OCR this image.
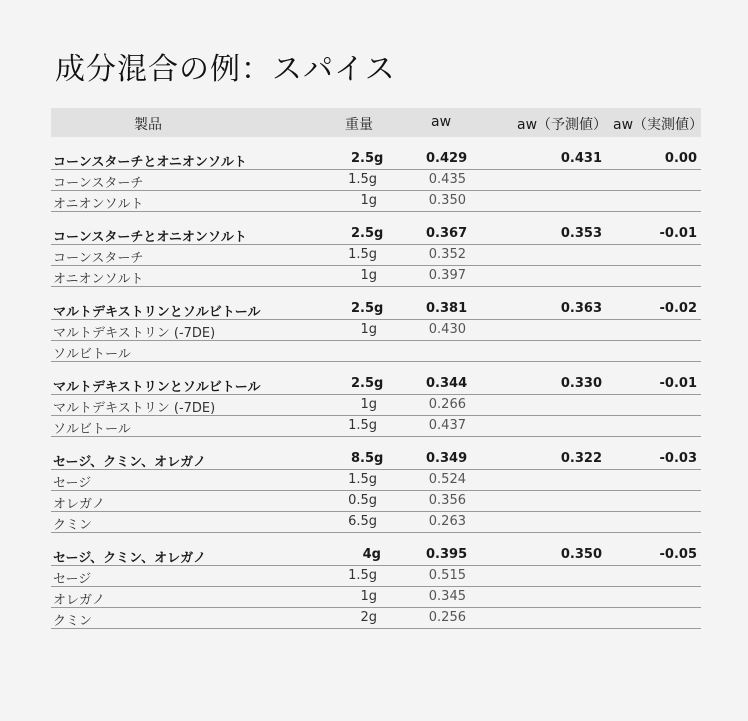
成分混合の例：スパイス
製品	重量	aw	aw（予測値） aw（実測値）
コーンスターチとオニオンソルト	2.5g	0.429	0.431	0.00
コーンスターチ	1.5g	0.435
オニオンソルト	1g	0.350
コーンスターチとオニオンソルト	2.5g	0.367	0.353	-0.01
コーンスターチ	1.5g	0.352
オニオンソルト	1g	0.397
マルトデキストリンとソルビトール	2.5g	0.381	0.363	-0.02
マルトデキストリン (-7DE)	1g	0.430
ソルビトール
マルトデキストリンとソルビトール	2.5g	0.344	0.330	-0.01
マルトデキストリン (-7DE)	1g	0.266
ソルビトール	1.5g	0.437
セージ、クミン、オレガノ	8.5g	0.349	0.322	-0.03
セージ	1.5g	0.524
オレガノ	0.5g	0.356
クミン	6.5g	0.263
セージ、クミン、オレガノ	4g	0.395	0.350	-0.05
セージ	1.5g	0.515
オレガノ	1g	0.345
クミン	2g	0.256
